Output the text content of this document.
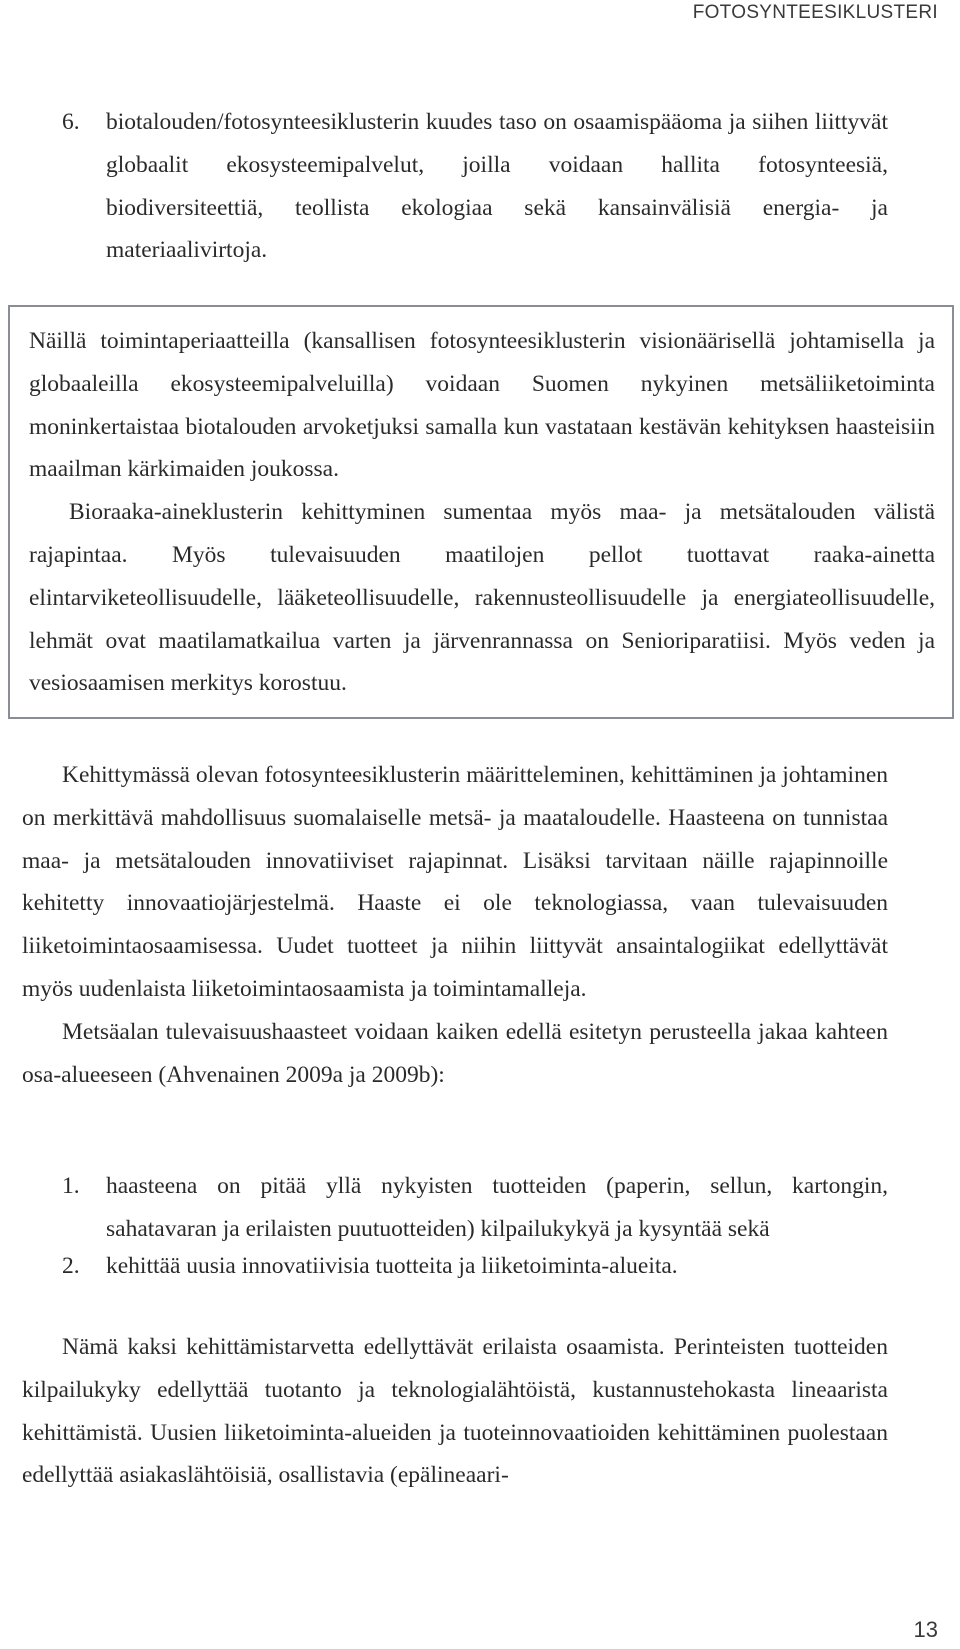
FOTOSYNTEESIKLUSTERI
6.	biotalouden/fotosynteesiklusterin kuudes taso on osaamispääoma ja siihen liittyvät globaalit ekosysteemipalvelut, joilla voidaan hallita fotosynteesiä, biodiversiteettiä, teollista ekologiaa sekä kansainvälisiä energia- ja materiaalivirtoja.

Näillä toimintaperiaatteilla (kansallisen fotosynteesiklusterin visionäärisellä johtamisella ja globaaleilla ekosysteemipalveluilla) voidaan Suomen nykyinen metsäliiketoiminta moninkertaistaa biotalouden arvoketjuksi samalla kun vastataan kestävän kehityksen haasteisiin maailman kärkimaiden joukossa.

Bioraaka-aineklusterin kehittyminen sumentaa myös maa- ja metsätalouden välistä rajapintaa. Myös tulevaisuuden maatilojen pellot tuottavat raaka-ainetta elintarviketeollisuudelle, lääketeollisuudelle, rakennusteollisuudelle ja energiateollisuudelle, lehmät ovat maatilamatkailua varten ja järvenrannassa on Senioriparatiisi. Myös veden ja vesiosaamisen merkitys korostuu.

Kehittymässä olevan fotosynteesiklusterin määritteleminen, kehittäminen ja johtaminen on merkittävä mahdollisuus suomalaiselle metsä- ja maataloudelle. Haasteena on tunnistaa maa- ja metsätalouden innovatiiviset rajapinnat. Lisäksi tarvitaan näille rajapinnoille kehitetty innovaatiojärjestelmä. Haaste ei ole teknologiassa, vaan tulevaisuuden liiketoimintaosaamisessa. Uudet tuotteet ja niihin liittyvät ansaintalogiikat edellyttävät myös uudenlaista liiketoimintaosaamista ja toimintamalleja.

Metsäalan tulevaisuushaasteet voidaan kaiken edellä esitetyn perusteella jakaa kahteen osa-alueeseen (Ahvenainen 2009a ja 2009b):

1.	haasteena on pitää yllä nykyisten tuotteiden (paperin, sellun, kartongin, sahatavaran ja erilaisten puutuotteiden) kilpailukykyä ja kysyntää sekä
2.	kehittää uusia innovatiivisia tuotteita ja liiketoiminta-alueita.

Nämä kaksi kehittämistarvetta edellyttävät erilaista osaamista. Perinteisten tuotteiden kilpailukyky edellyttää tuotanto ja teknologialähtöistä, kustannustehokasta lineaarista kehittämistä. Uusien liiketoiminta-alueiden ja tuoteinnovaatioiden kehittäminen puolestaan edellyttää asiakaslähtöisiä, osallistavia (epälineaari-

13
